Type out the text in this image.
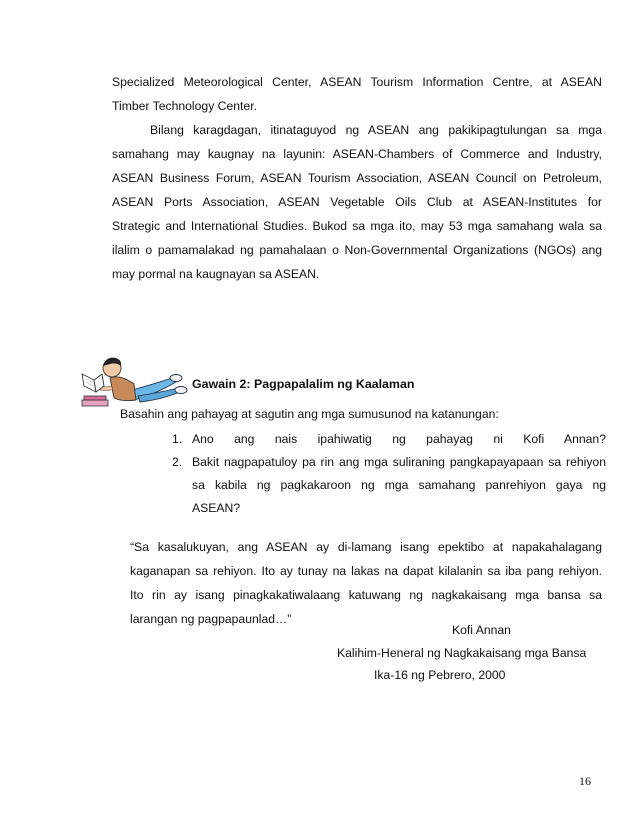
Specialized Meteorological Center, ASEAN Tourism Information Centre, at ASEAN
Timber Technology Center.
Bilang karagdagan, itinataguyod ng ASEAN ang pakikipagtulungan sa mga
samahang may kaugnay na layunin: ASEAN-Chambers of Commerce and Industry,
ASEAN Business Forum, ASEAN Tourism Association, ASEAN Council on Petroleum,
ASEAN Ports Association, ASEAN Vegetable Oils Club at ASEAN-Institutes for
Strategic and International Studies. Bukod sa mga ito, may 53 mga samahang wala sa
ilalim o pamamalakad ng pamahalaan o Non-Governmental Organizations (NGOs) ang
may pormal na kaugnayan sa ASEAN.
Gawain 2: Pagpapalalim ng Kaalaman
Basahin ang pahayag at sagutin ang mga sumusunod na katanungan:
1. Ano ang nais ipahiwatig ng pahayag ni Kofi Annan?
2. Bakit nagpapatuloy pa rin ang mga suliraning pangkapayapaan sa rehiyon
sa kabila ng pagkakaroon ng mga samahang panrehiyon gaya ng
ASEAN?
“Sa kasalukuyan, ang ASEAN ay di-lamang isang epektibo at napakahalagang
kaganapan sa rehiyon. Ito ay tunay na lakas na dapat kilalanin sa iba pang rehiyon.
Ito rin ay isang pinagkakatiwalaang katuwang ng nagkakaisang mga bansa sa
larangan ng pagpapaunlad…”
Kofi Annan
Kalihim-Heneral ng Nagkakaisang mga Bansa
Ika-16 ng Pebrero, 2000
16
